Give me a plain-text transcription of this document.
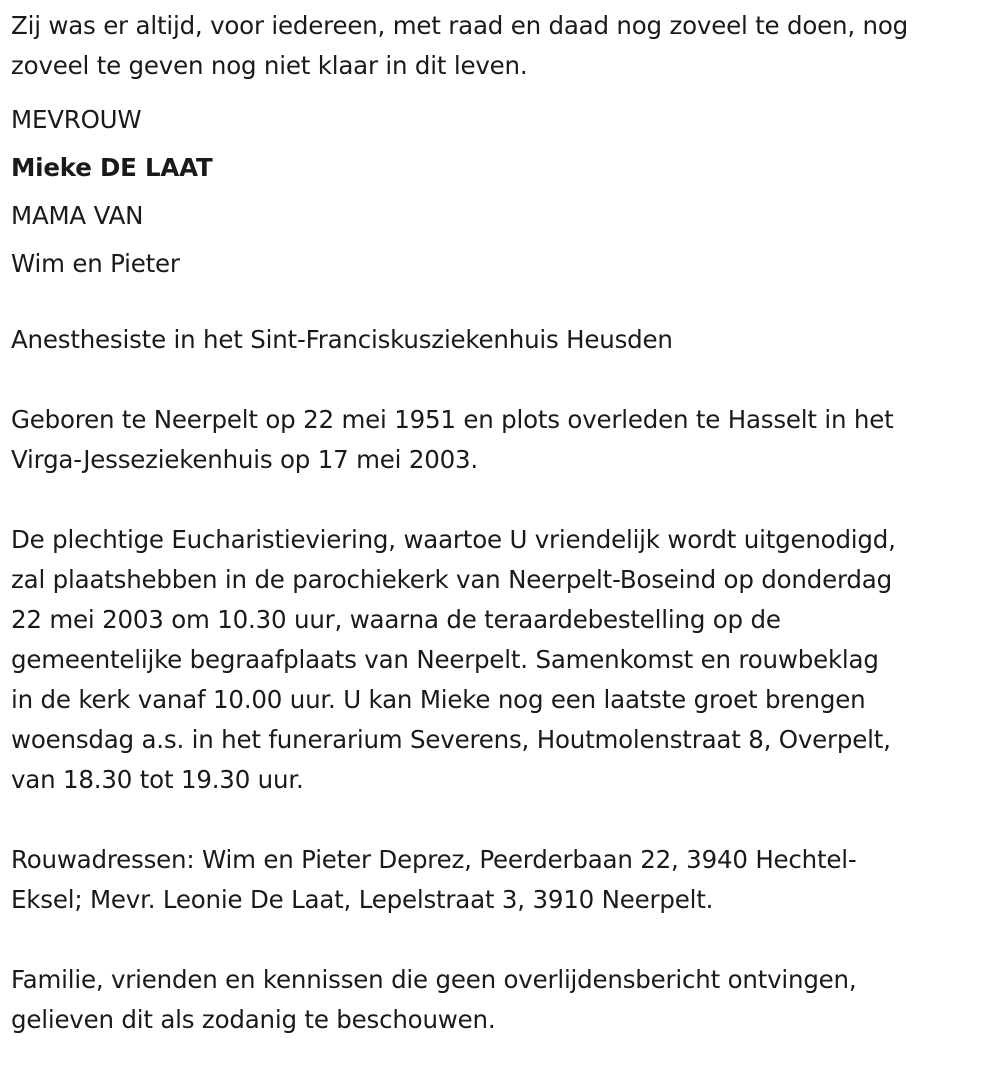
Zij was er altijd, voor iedereen, met raad en daad nog zoveel te doen, nog
zoveel te geven nog niet klaar in dit leven.

MEVROUW

Mieke DE LAAT

MAMA VAN

Wim en Pieter

Anesthesiste in het Sint-Franciskusziekenhuis Heusden

Geboren te Neerpelt op 22 mei 1951 en plots overleden te Hasselt in het
Virga-Jesseziekenhuis op 17 mei 2003.

De plechtige Eucharistieviering, waartoe U vriendelijk wordt uitgenodigd,
zal plaatshebben in de parochiekerk van Neerpelt-Boseind op donderdag
22 mei 2003 om 10.30 uur, waarna de teraardebestelling op de
gemeentelijke begraafplaats van Neerpelt. Samenkomst en rouwbeklag
in de kerk vanaf 10.00 uur. U kan Mieke nog een laatste groet brengen
woensdag a.s. in het funerarium Severens, Houtmolenstraat 8, Overpelt,
van 18.30 tot 19.30 uur.

Rouwadressen: Wim en Pieter Deprez, Peerderbaan 22, 3940 Hechtel-
Eksel; Mevr. Leonie De Laat, Lepelstraat 3, 3910 Neerpelt.

Familie, vrienden en kennissen die geen overlijdensbericht ontvingen,
gelieven dit als zodanig te beschouwen.
